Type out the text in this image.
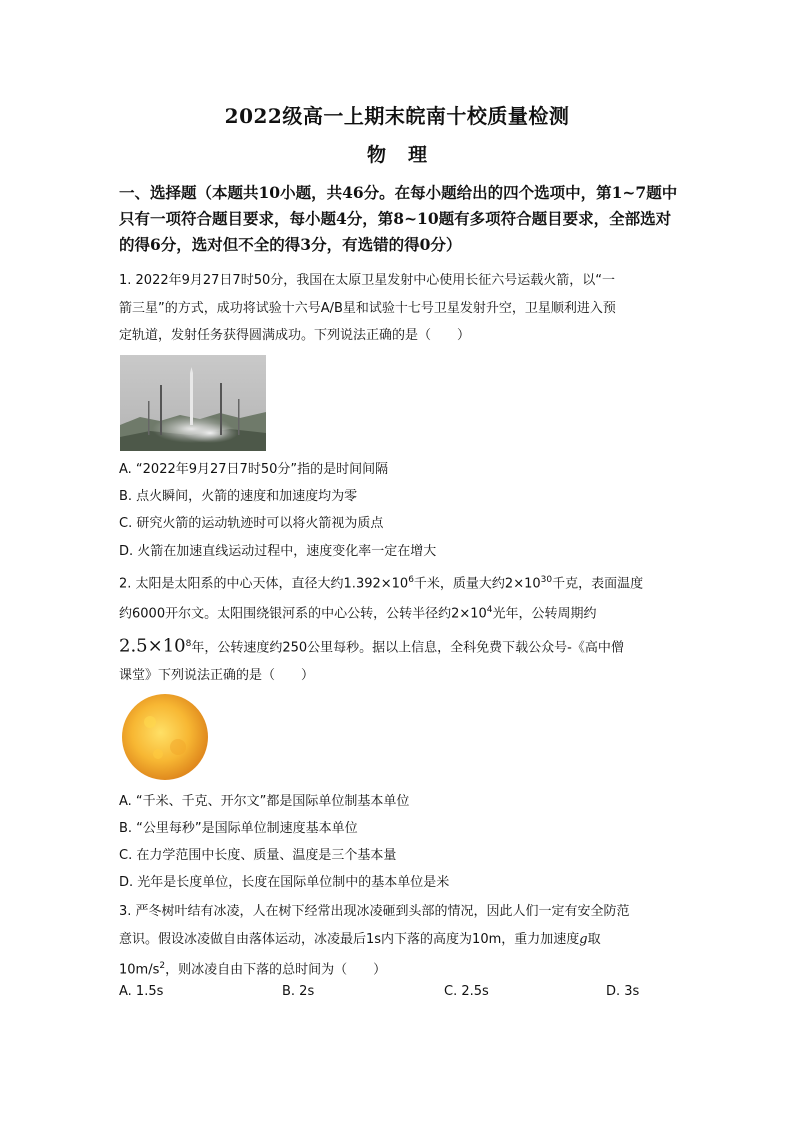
2022级高一上期末皖南十校质量检测
物理
一、选择题（本题共10小题，共46分。在每小题给出的四个选项中，第1~7题中只有一项符合题目要求，每小题4分，第8~10题有多项符合题目要求，全部选对的得6分，选对但不全的得3分，有选错的得0分）
1. 2022年9月27日7时50分，我国在太原卫星发射中心使用长征六号运载火箭，以“一
箭三星”的方式，成功将试验十六号A/B星和试验十七号卫星发射升空，卫星顺利进入预
定轨道，发射任务获得圆满成功。下列说法正确的是（　　）
A. “2022年9月27日7时50分”指的是时间间隔
B. 点火瞬间，火箭的速度和加速度均为零
C. 研究火箭的运动轨迹时可以将火箭视为质点
D. 火箭在加速直线运动过程中，速度变化率一定在增大
2. 太阳是太阳系的中心天体，直径大约$1.392\times 10^6$千米，质量大约$2\times 10^{30}$千克，表面温度
约6000开尔文。太阳围绕银河系的中心公转，公转半径约$2\times 10^4$光年，公转周期约
$2.5\times 10^8$年，公转速度约250公里每秒。据以上信息，全科免费下载公众号-《高中僧
课堂》下列说法正确的是（　　）
A. “千米、千克、开尔文”都是国际单位制基本单位
B. “公里每秒”是国际单位制速度基本单位
C. 在力学范围中长度、质量、温度是三个基本量
D. 光年是长度单位，长度在国际单位制中的基本单位是米
3. 严冬树叶结有冰凌，人在树下经常出现冰凌砸到头部的情况，因此人们一定有安全防范
意识。假设冰凌做自由落体运动，冰凌最后1s内下落的高度为10m，重力加速度g取
$10m/s^2$，则冰凌自由下落的总时间为（　　）
A. 1.5s	B. 2s	C. 2.5s	D. 3s
